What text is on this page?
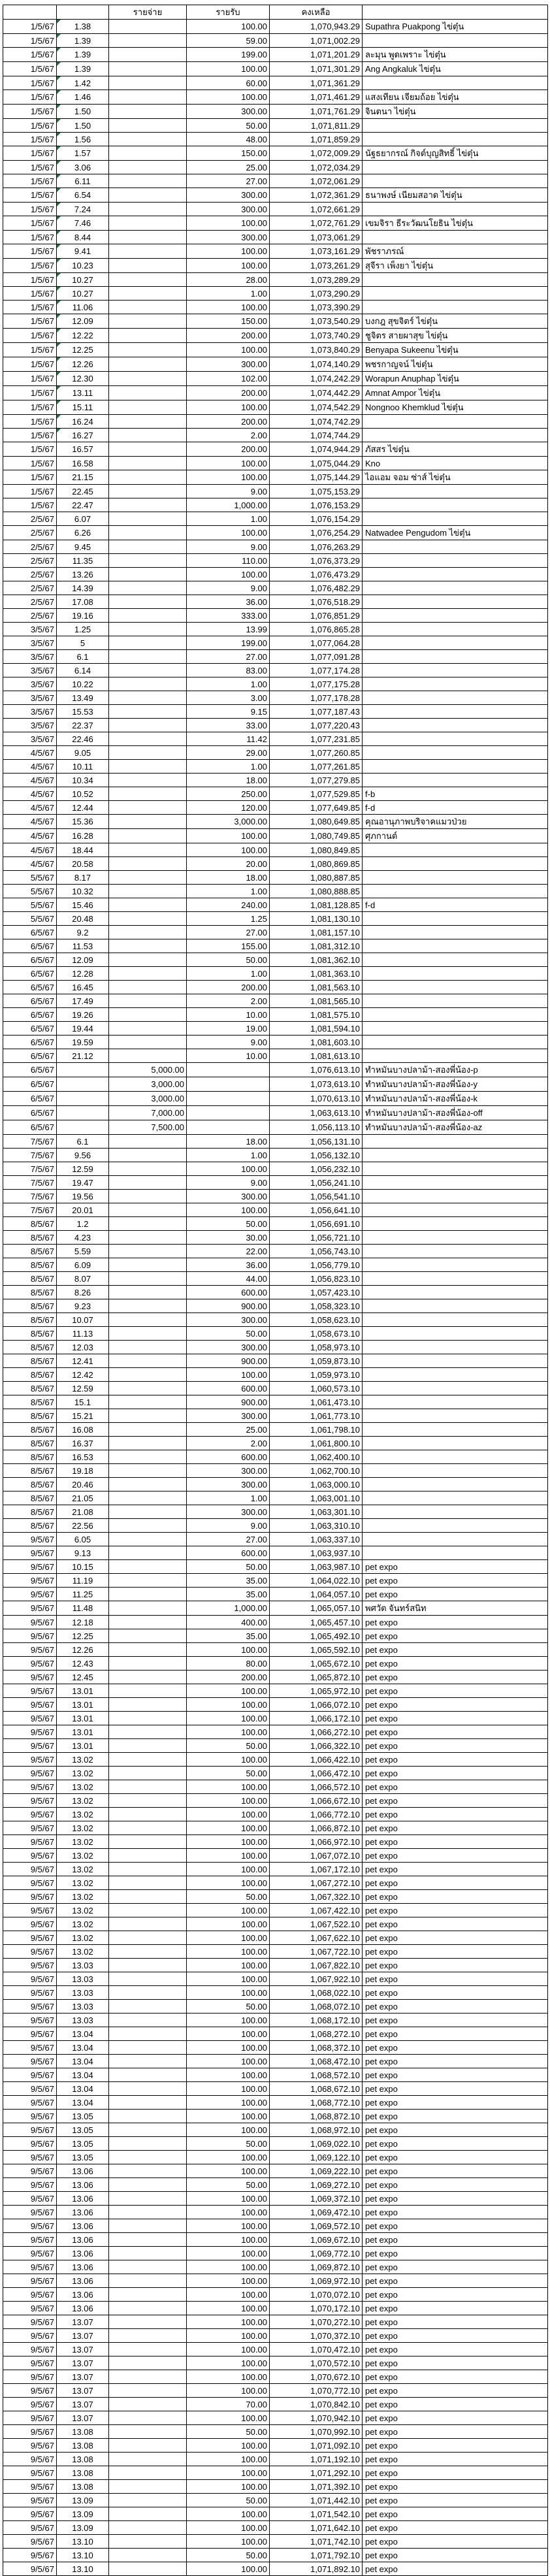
		รายจ่าย	รายรับ	คงเหลือ	
1/5/67	1.38		100.00	1,070,943.29	Supathra Puakpong ไข่ตุ๋น
1/5/67	1.39		59.00	1,071,002.29	
1/5/67	1.39		199.00	1,071,201.29	ละมุน พูดเพราะ ไข่ตุ๋น
1/5/67	1.39		100.00	1,071,301.29	Ang Angkaluk ไข่ตุ๋น
1/5/67	1.42		60.00	1,071,361.29	
1/5/67	1.46		100.00	1,071,461.29	แสงเทียน เจียมถ้อย ไข่ตุ๋น
1/5/67	1.50		300.00	1,071,761.29	จินตนา ไข่ตุ๋น
1/5/67	1.50		50.00	1,071,811.29	
1/5/67	1.56		48.00	1,071,859.29	
1/5/67	1.57		150.00	1,072,009.29	นัฐธยากรณ์ กิจต์บุญสิทธิ์ ไข่ตุ๋น
1/5/67	3.06		25.00	1,072,034.29	
1/5/67	6.11		27.00	1,072,061.29	
1/5/67	6.54		300.00	1,072,361.29	ธนาพงษ์ เนียมสอาด ไข่ตุ๋น
1/5/67	7.24		300.00	1,072,661.29	
1/5/67	7.46		100.00	1,072,761.29	เขมจิรา ธีระวัฒนโยธิน ไข่ตุ๋น
1/5/67	8.44		300.00	1,073,061.29	
1/5/67	9.41		100.00	1,073,161.29	พัชราภรณ์
1/5/67	10.23		100.00	1,073,261.29	สุจีรา เพ็งยา ไข่ตุ๋น
1/5/67	10.27		28.00	1,073,289.29	
1/5/67	10.27		1.00	1,073,290.29	
1/5/67	11.06		100.00	1,073,390.29	
1/5/67	12.09		150.00	1,073,540.29	บงกฎ สุขจิตร์ ไข่ตุ๋น
1/5/67	12.22		200.00	1,073,740.29	ชูจิตร สายผาสุข ไข่ตุ๋น
1/5/67	12.25		100.00	1,073,840.29	Benyapa Sukeenu ไข่ตุ๋น
1/5/67	12.26		300.00	1,074,140.29	พชรกาญจน์ ไข่ตุ๋น
1/5/67	12.30		102.00	1,074,242.29	Worapun Anuphap ไข่ตุ๋น
1/5/67	13.11		200.00	1,074,442.29	Amnat Ampor ไข่ตุ๋น
1/5/67	15.11		100.00	1,074,542.29	Nongnoo Khemklud ไข่ตุ๋น
1/5/67	16.24		200.00	1,074,742.29	
1/5/67	16.27		2.00	1,074,744.29	
1/5/67	16.57		200.00	1,074,944.29	ภัสสร ไข่ตุ๋น
1/5/67	16.58		100.00	1,075,044.29	Kno
1/5/67	21.15		100.00	1,075,144.29	ไอแอม จอม ซ่าส์ ไข่ตุ๋น
1/5/67	22.45		9.00	1,075,153.29	
1/5/67	22.47		1,000.00	1,076,153.29	
2/5/67	6.07		1.00	1,076,154.29	
2/5/67	6.26		100.00	1,076,254.29	Natwadee Pengudom ไข่ตุ๋น
2/5/67	9.45		9.00	1,076,263.29	
2/5/67	11.35		110.00	1,076,373.29	
2/5/67	13.26		100.00	1,076,473.29	
2/5/67	14.39		9.00	1,076,482.29	
2/5/67	17.08		36.00	1,076,518.29	
2/5/67	19.16		333.00	1,076,851.29	
3/5/67	1.25		13.99	1,076,865.28	
3/5/67	5		199.00	1,077,064.28	
3/5/67	6.1		27.00	1,077,091.28	
3/5/67	6.14		83.00	1,077,174.28	
3/5/67	10.22		1.00	1,077,175.28	
3/5/67	13.49		3.00	1,077,178.28	
3/5/67	15.53		9.15	1,077,187.43	
3/5/67	22.37		33.00	1,077,220.43	
3/5/67	22.46		11.42	1,077,231.85	
4/5/67	9.05		29.00	1,077,260.85	
4/5/67	10.11		1.00	1,077,261.85	
4/5/67	10.34		18.00	1,077,279.85	
4/5/67	10.52		250.00	1,077,529.85	f-b
4/5/67	12.44		120.00	1,077,649.85	f-d
4/5/67	15.36		3,000.00	1,080,649.85	คุณอานุภาพบริจาคแมวป่วย
4/5/67	16.28		100.00	1,080,749.85	ศุภกานต์
4/5/67	18.44		100.00	1,080,849.85	
4/5/67	20.58		20.00	1,080,869.85	
5/5/67	8.17		18.00	1,080,887.85	
5/5/67	10.32		1.00	1,080,888.85	
5/5/67	15.46		240.00	1,081,128.85	f-d
5/5/67	20.48		1.25	1,081,130.10	
6/5/67	9.2		27.00	1,081,157.10	
6/5/67	11.53		155.00	1,081,312.10	
6/5/67	12.09		50.00	1,081,362.10	
6/5/67	12.28		1.00	1,081,363.10	
6/5/67	16.45		200.00	1,081,563.10	
6/5/67	17.49		2.00	1,081,565.10	
6/5/67	19.26		10.00	1,081,575.10	
6/5/67	19.44		19.00	1,081,594.10	
6/5/67	19.59		9.00	1,081,603.10	
6/5/67	21.12		10.00	1,081,613.10	
6/5/67		5,000.00		1,076,613.10	ทำหมันบางปลาม้า-สองพี่น้อง-p
6/5/67		3,000.00		1,073,613.10	ทำหมันบางปลาม้า-สองพี่น้อง-y
6/5/67		3,000.00		1,070,613.10	ทำหมันบางปลาม้า-สองพี่น้อง-k
6/5/67		7,000.00		1,063,613.10	ทำหมันบางปลาม้า-สองพี่น้อง-off
6/5/67		7,500.00		1,056,113.10	ทำหมันบางปลาม้า-สองพี่น้อง-az
7/5/67	6.1		18.00	1,056,131.10	
7/5/67	9.56		1.00	1,056,132.10	
7/5/67	12.59		100.00	1,056,232.10	
7/5/67	19.47		9.00	1,056,241.10	
7/5/67	19.56		300.00	1,056,541.10	
7/5/67	20.01		100.00	1,056,641.10	
8/5/67	1.2		50.00	1,056,691.10	
8/5/67	4.23		30.00	1,056,721.10	
8/5/67	5.59		22.00	1,056,743.10	
8/5/67	6.09		36.00	1,056,779.10	
8/5/67	8.07		44.00	1,056,823.10	
8/5/67	8.26		600.00	1,057,423.10	
8/5/67	9.23		900.00	1,058,323.10	
8/5/67	10.07		300.00	1,058,623.10	
8/5/67	11.13		50.00	1,058,673.10	
8/5/67	12.03		300.00	1,058,973.10	
8/5/67	12.41		900.00	1,059,873.10	
8/5/67	12.42		100.00	1,059,973.10	
8/5/67	12.59		600.00	1,060,573.10	
8/5/67	15.1		900.00	1,061,473.10	
8/5/67	15.21		300.00	1,061,773.10	
8/5/67	16.08		25.00	1,061,798.10	
8/5/67	16.37		2.00	1,061,800.10	
8/5/67	16.53		600.00	1,062,400.10	
8/5/67	19.18		300.00	1,062,700.10	
8/5/67	20.46		300.00	1,063,000.10	
8/5/67	21.05		1.00	1,063,001.10	
8/5/67	21.08		300.00	1,063,301.10	
8/5/67	22.56		9.00	1,063,310.10	
9/5/67	6.05		27.00	1,063,337.10	
9/5/67	9.13		600.00	1,063,937.10	
9/5/67	10.15		50.00	1,063,987.10	pet expo
9/5/67	11.19		35.00	1,064,022.10	pet expo
9/5/67	11.25		35.00	1,064,057.10	pet expo
9/5/67	11.48		1,000.00	1,065,057.10	พศวัต จันทร์สนิท
9/5/67	12.18		400.00	1,065,457.10	pet expo
9/5/67	12.25		35.00	1,065,492.10	pet expo
9/5/67	12.26		100.00	1,065,592.10	pet expo
9/5/67	12.43		80.00	1,065,672.10	pet expo
9/5/67	12.45		200.00	1,065,872.10	pet expo
9/5/67	13.01		100.00	1,065,972.10	pet expo
9/5/67	13.01		100.00	1,066,072.10	pet expo
9/5/67	13.01		100.00	1,066,172.10	pet expo
9/5/67	13.01		100.00	1,066,272.10	pet expo
9/5/67	13.01		50.00	1,066,322.10	pet expo
9/5/67	13.02		100.00	1,066,422.10	pet expo
9/5/67	13.02		50.00	1,066,472.10	pet expo
9/5/67	13.02		100.00	1,066,572.10	pet expo
9/5/67	13.02		100.00	1,066,672.10	pet expo
9/5/67	13.02		100.00	1,066,772.10	pet expo
9/5/67	13.02		100.00	1,066,872.10	pet expo
9/5/67	13.02		100.00	1,066,972.10	pet expo
9/5/67	13.02		100.00	1,067,072.10	pet expo
9/5/67	13.02		100.00	1,067,172.10	pet expo
9/5/67	13.02		100.00	1,067,272.10	pet expo
9/5/67	13.02		50.00	1,067,322.10	pet expo
9/5/67	13.02		100.00	1,067,422.10	pet expo
9/5/67	13.02		100.00	1,067,522.10	pet expo
9/5/67	13.02		100.00	1,067,622.10	pet expo
9/5/67	13.02		100.00	1,067,722.10	pet expo
9/5/67	13.03		100.00	1,067,822.10	pet expo
9/5/67	13.03		100.00	1,067,922.10	pet expo
9/5/67	13.03		100.00	1,068,022.10	pet expo
9/5/67	13.03		50.00	1,068,072.10	pet expo
9/5/67	13.03		100.00	1,068,172.10	pet expo
9/5/67	13.04		100.00	1,068,272.10	pet expo
9/5/67	13.04		100.00	1,068,372.10	pet expo
9/5/67	13.04		100.00	1,068,472.10	pet expo
9/5/67	13.04		100.00	1,068,572.10	pet expo
9/5/67	13.04		100.00	1,068,672.10	pet expo
9/5/67	13.04		100.00	1,068,772.10	pet expo
9/5/67	13.05		100.00	1,068,872.10	pet expo
9/5/67	13.05		100.00	1,068,972.10	pet expo
9/5/67	13.05		50.00	1,069,022.10	pet expo
9/5/67	13.05		100.00	1,069,122.10	pet expo
9/5/67	13.06		100.00	1,069,222.10	pet expo
9/5/67	13.06		50.00	1,069,272.10	pet expo
9/5/67	13.06		100.00	1,069,372.10	pet expo
9/5/67	13.06		100.00	1,069,472.10	pet expo
9/5/67	13.06		100.00	1,069,572.10	pet expo
9/5/67	13.06		100.00	1,069,672.10	pet expo
9/5/67	13.06		100.00	1,069,772.10	pet expo
9/5/67	13.06		100.00	1,069,872.10	pet expo
9/5/67	13.06		100.00	1,069,972.10	pet expo
9/5/67	13.06		100.00	1,070,072.10	pet expo
9/5/67	13.06		100.00	1,070,172.10	pet expo
9/5/67	13.07		100.00	1,070,272.10	pet expo
9/5/67	13.07		100.00	1,070,372.10	pet expo
9/5/67	13.07		100.00	1,070,472.10	pet expo
9/5/67	13.07		100.00	1,070,572.10	pet expo
9/5/67	13.07		100.00	1,070,672.10	pet expo
9/5/67	13.07		100.00	1,070,772.10	pet expo
9/5/67	13.07		70.00	1,070,842.10	pet expo
9/5/67	13.07		100.00	1,070,942.10	pet expo
9/5/67	13.08		50.00	1,070,992.10	pet expo
9/5/67	13.08		100.00	1,071,092.10	pet expo
9/5/67	13.08		100.00	1,071,192.10	pet expo
9/5/67	13.08		100.00	1,071,292.10	pet expo
9/5/67	13.08		100.00	1,071,392.10	pet expo
9/5/67	13.09		50.00	1,071,442.10	pet expo
9/5/67	13.09		100.00	1,071,542.10	pet expo
9/5/67	13.09		100.00	1,071,642.10	pet expo
9/5/67	13.10		100.00	1,071,742.10	pet expo
9/5/67	13.10		50.00	1,071,792.10	pet expo
9/5/67	13.10		100.00	1,071,892.10	pet expo
